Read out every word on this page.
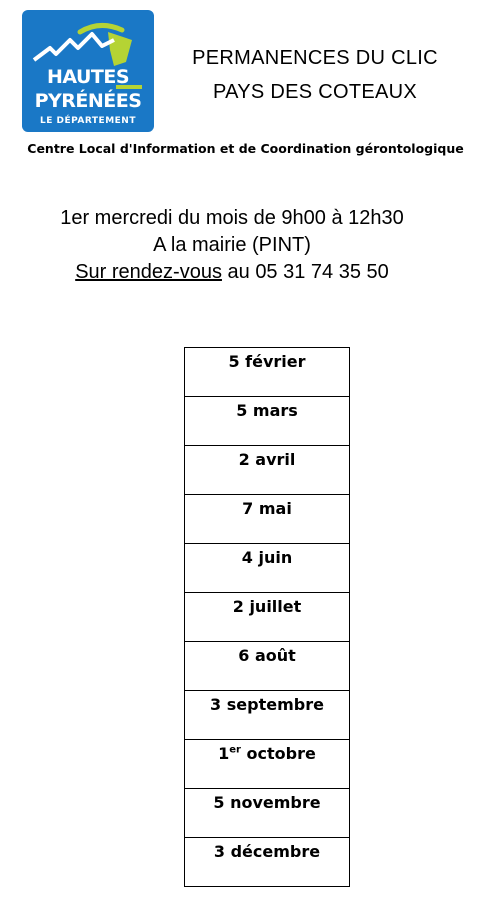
HAUTES
PYRÉNÉES
LE DÉPARTEMENT
PERMANENCES DU CLIC
PAYS DES COTEAUX
Centre Local d'Information et de Coordination gérontologique
1er mercredi du mois de 9h00 à 12h30
A la mairie (PINT)
Sur rendez-vous au 05 31 74 35 50
5 février
5 mars
2 avril
7 mai
4 juin
2 juillet
6 août
3 septembre
1er octobre
5 novembre
3 décembre
